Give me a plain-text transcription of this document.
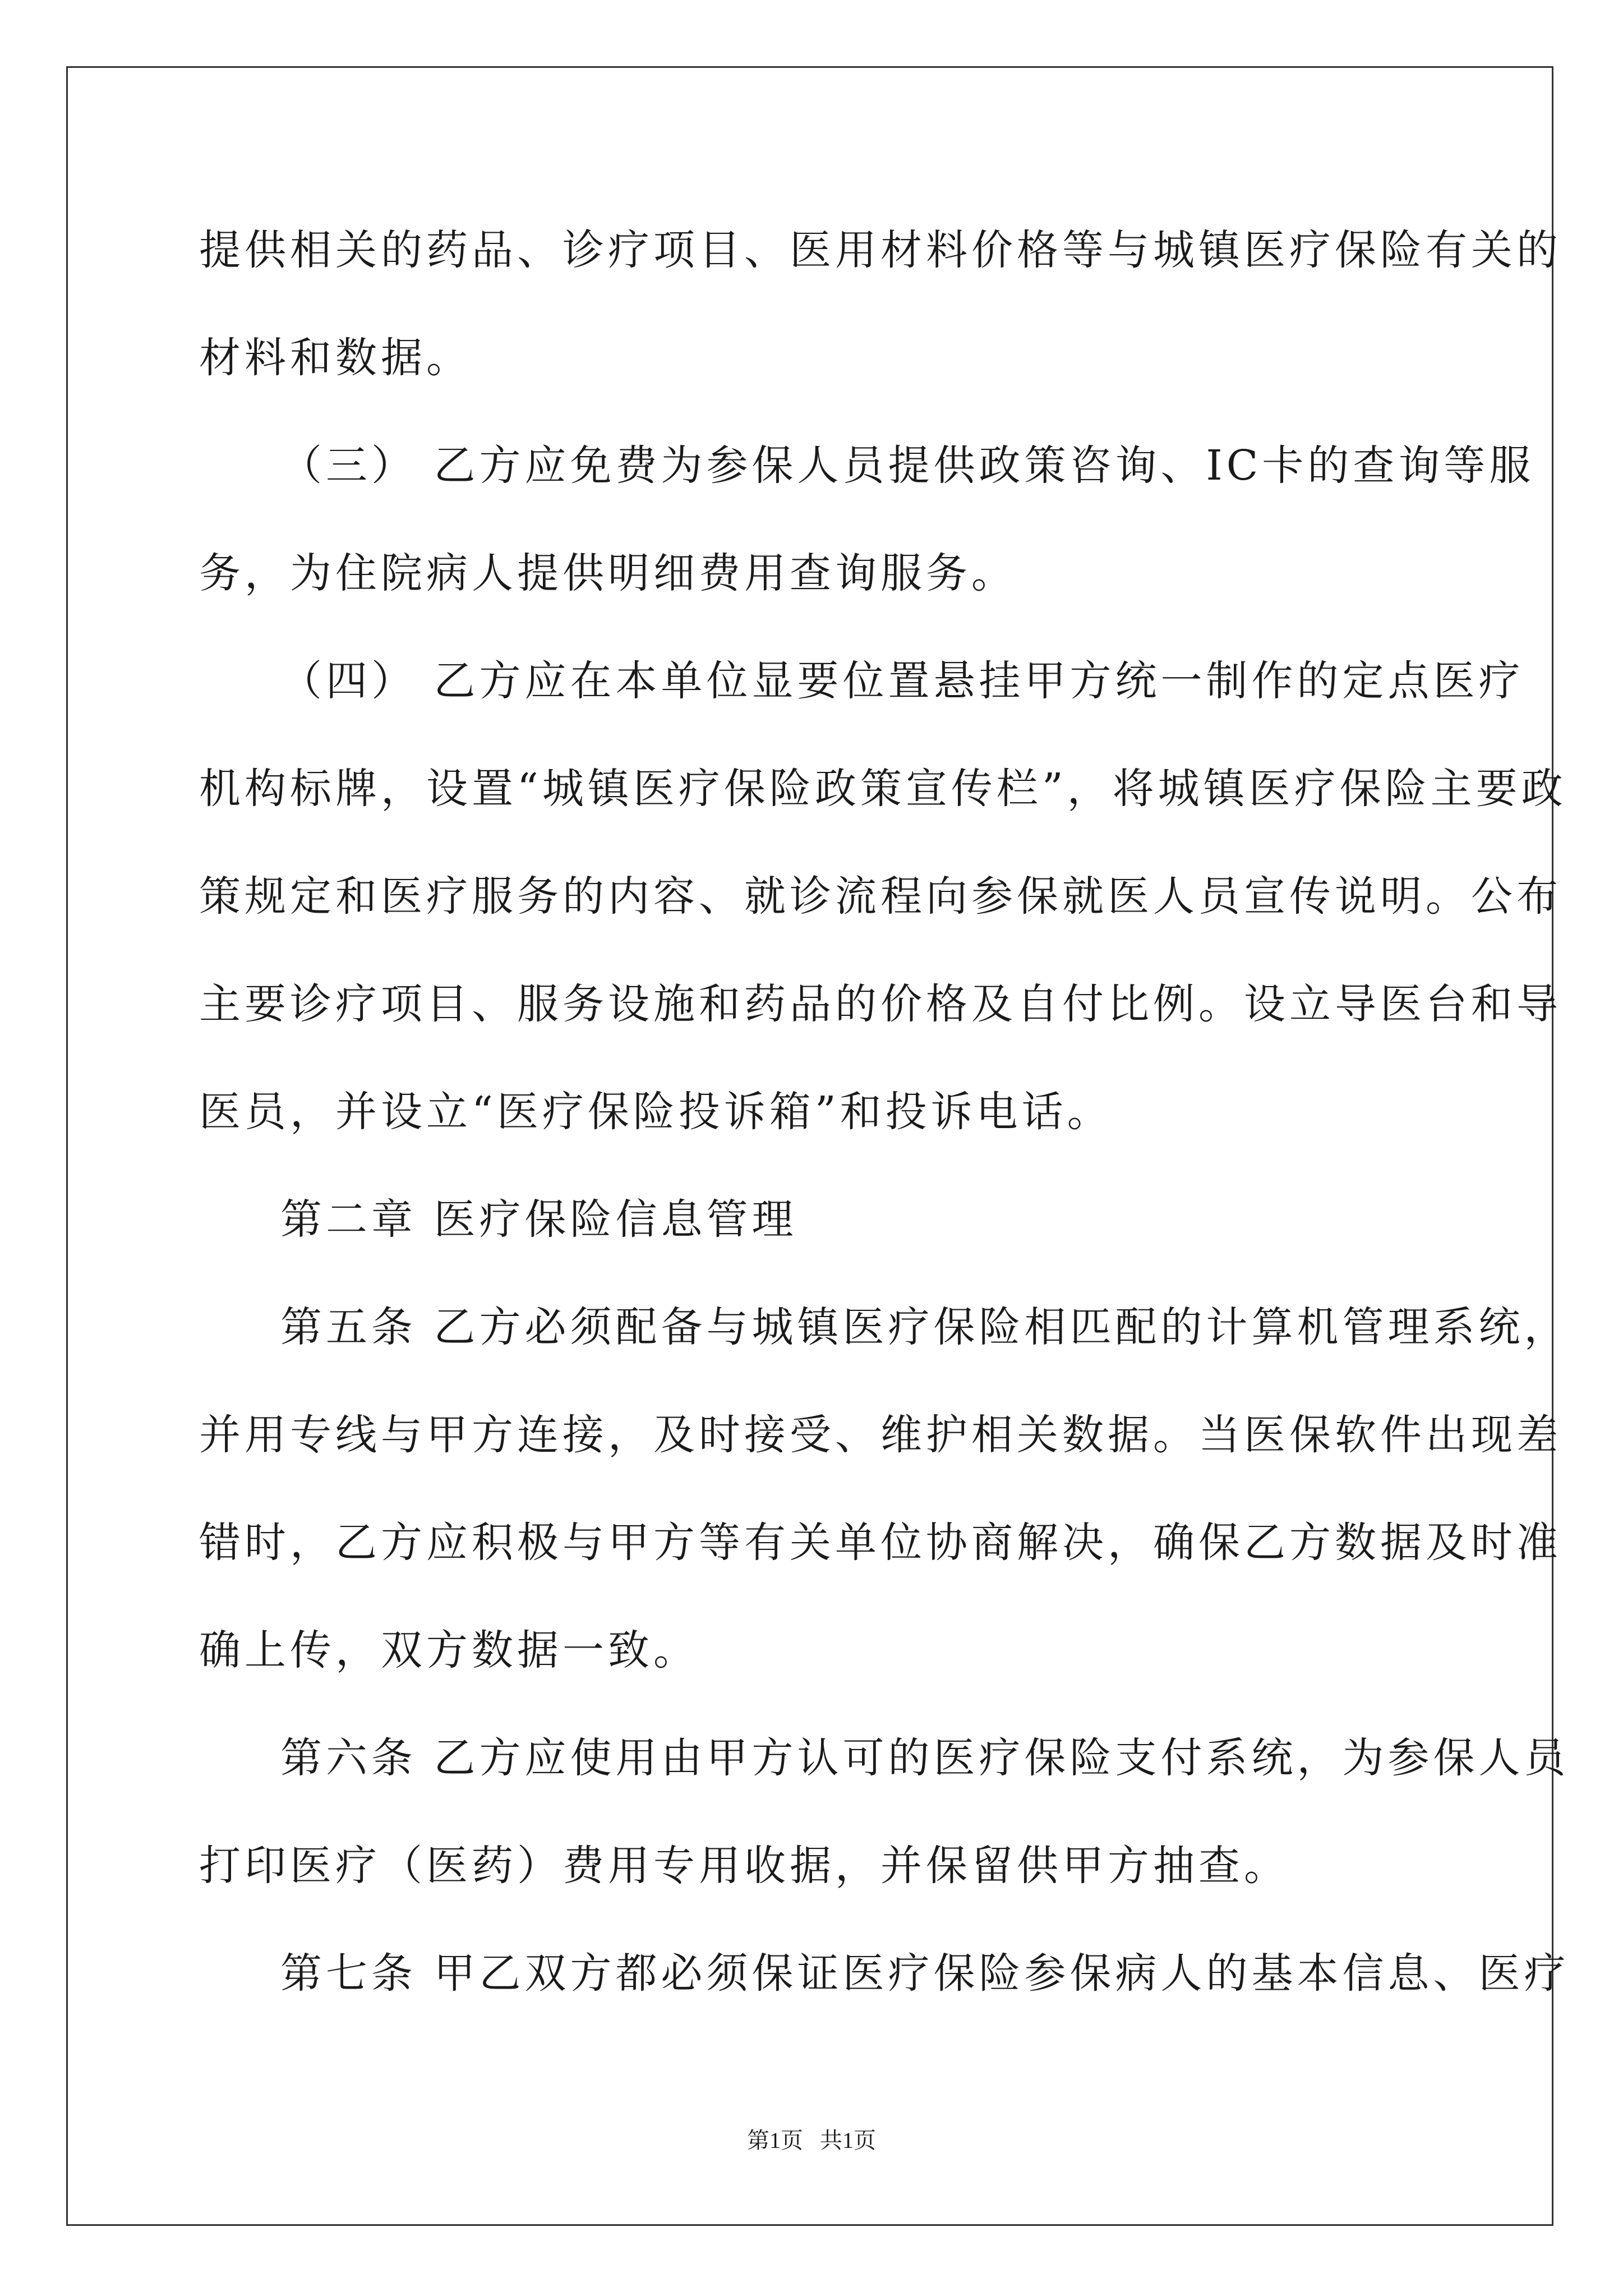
提供相关的药品、诊疗项目、医用材料价格等与城镇医疗保险有关的
材料和数据。
（三） 乙方应免费为参保人员提供政策咨询、IC卡的查询等服
务，为住院病人提供明细费用查询服务。
（四） 乙方应在本单位显要位置悬挂甲方统一制作的定点医疗
机构标牌，设置“城镇医疗保险政策宣传栏”，将城镇医疗保险主要政
策规定和医疗服务的内容、就诊流程向参保就医人员宣传说明。公布
主要诊疗项目、服务设施和药品的价格及自付比例。设立导医台和导
医员，并设立“医疗保险投诉箱”和投诉电话。
第二章 医疗保险信息管理
第五条 乙方必须配备与城镇医疗保险相匹配的计算机管理系统，
并用专线与甲方连接，及时接受、维护相关数据。当医保软件出现差
错时，乙方应积极与甲方等有关单位协商解决，确保乙方数据及时准
确上传，双方数据一致。
第六条 乙方应使用由甲方认可的医疗保险支付系统，为参保人员
打印医疗（医药）费用专用收据，并保留供甲方抽查。
第七条 甲乙双方都必须保证医疗保险参保病人的基本信息、医疗
第1页   共1页
